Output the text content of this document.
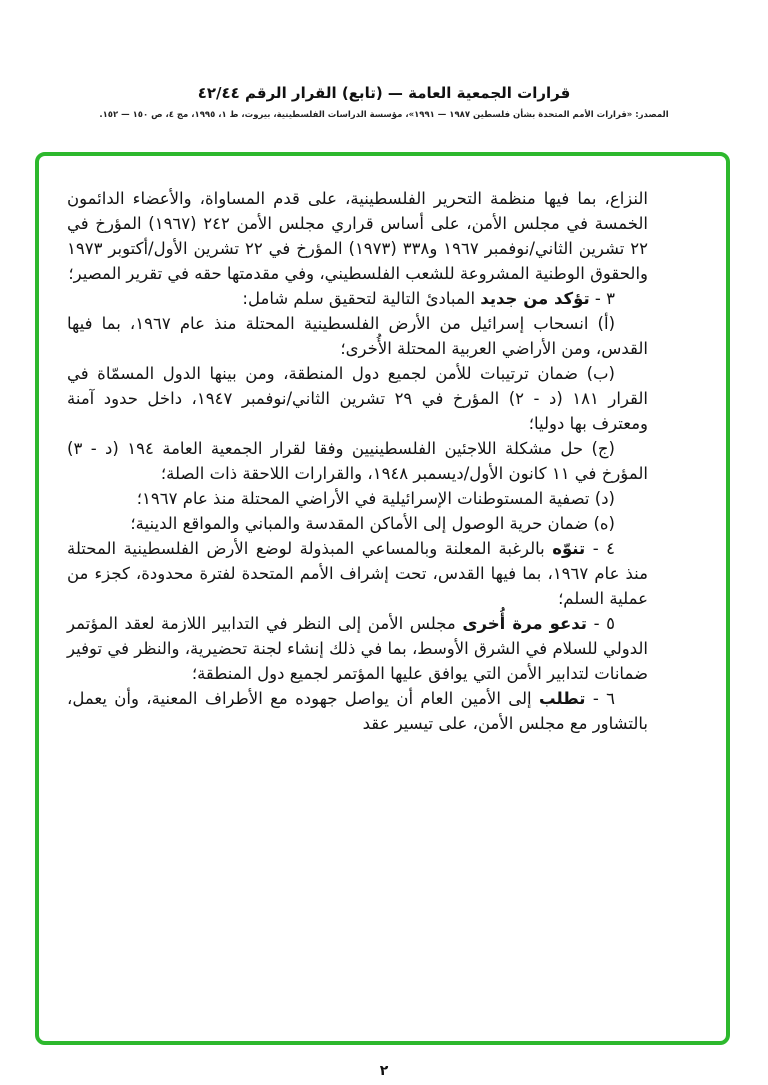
قرارات الجمعية العامة — (تابع) القرار الرقم ٤٢/٤٤
المصدر: «قرارات الأمم المتحدة بشأن فلسطين ١٩٨٧ — ١٩٩١»، مؤسسة الدراسات الفلسطينية، بيروت، ط ١، ١٩٩٥، مج ٤، ص ١٥٠ — ١٥٢.

النزاع، بما فيها منظمة التحرير الفلسطينية، على قدم المساواة، والأعضاء الدائمون الخمسة في مجلس الأمن، على أساس قراري مجلس الأمن ٢٤٢ (١٩٦٧) المؤرخ في ٢٢ تشرين الثاني/نوفمبر ١٩٦٧ و٣٣٨ (١٩٧٣) المؤرخ في ٢٢ تشرين الأول/أكتوبر ١٩٧٣ والحقوق الوطنية المشروعة للشعب الفلسطيني، وفي مقدمتها حقه في تقرير المصير؛

٣ - تؤكد من جديد المبادئ التالية لتحقيق سلم شامل:

(أ) انسحاب إسرائيل من الأرض الفلسطينية المحتلة منذ عام ١٩٦٧، بما فيها القدس، ومن الأراضي العربية المحتلة الأُخرى؛

(ب) ضمان ترتيبات للأمن لجميع دول المنطقة، ومن بينها الدول المسمّاة في القرار ١٨١ (د - ٢) المؤرخ في ٢٩ تشرين الثاني/نوفمبر ١٩٤٧، داخل حدود آمنة ومعترف بها دوليا؛

(ج) حل مشكلة اللاجئين الفلسطينيين وفقا لقرار الجمعية العامة ١٩٤ (د - ٣) المؤرخ في ١١ كانون الأول/ديسمبر ١٩٤٨، والقرارات اللاحقة ذات الصلة؛

(د) تصفية المستوطنات الإسرائيلية في الأراضي المحتلة منذ عام ١٩٦٧؛

(ه) ضمان حرية الوصول إلى الأماكن المقدسة والمباني والمواقع الدينية؛

٤ - تنوّه بالرغبة المعلنة وبالمساعي المبذولة لوضع الأرض الفلسطينية المحتلة منذ عام ١٩٦٧، بما فيها القدس، تحت إشراف الأمم المتحدة لفترة محدودة، كجزء من عملية السلم؛

٥ - تدعو مرة أُخرى مجلس الأمن إلى النظر في التدابير اللازمة لعقد المؤتمر الدولي للسلام في الشرق الأوسط، بما في ذلك إنشاء لجنة تحضيرية، والنظر في توفير ضمانات لتدابير الأمن التي يوافق عليها المؤتمر لجميع دول المنطقة؛

٦ - تطلب إلى الأمين العام أن يواصل جهوده مع الأطراف المعنية، وأن يعمل، بالتشاور مع مجلس الأمن، على تيسير عقد

٢
